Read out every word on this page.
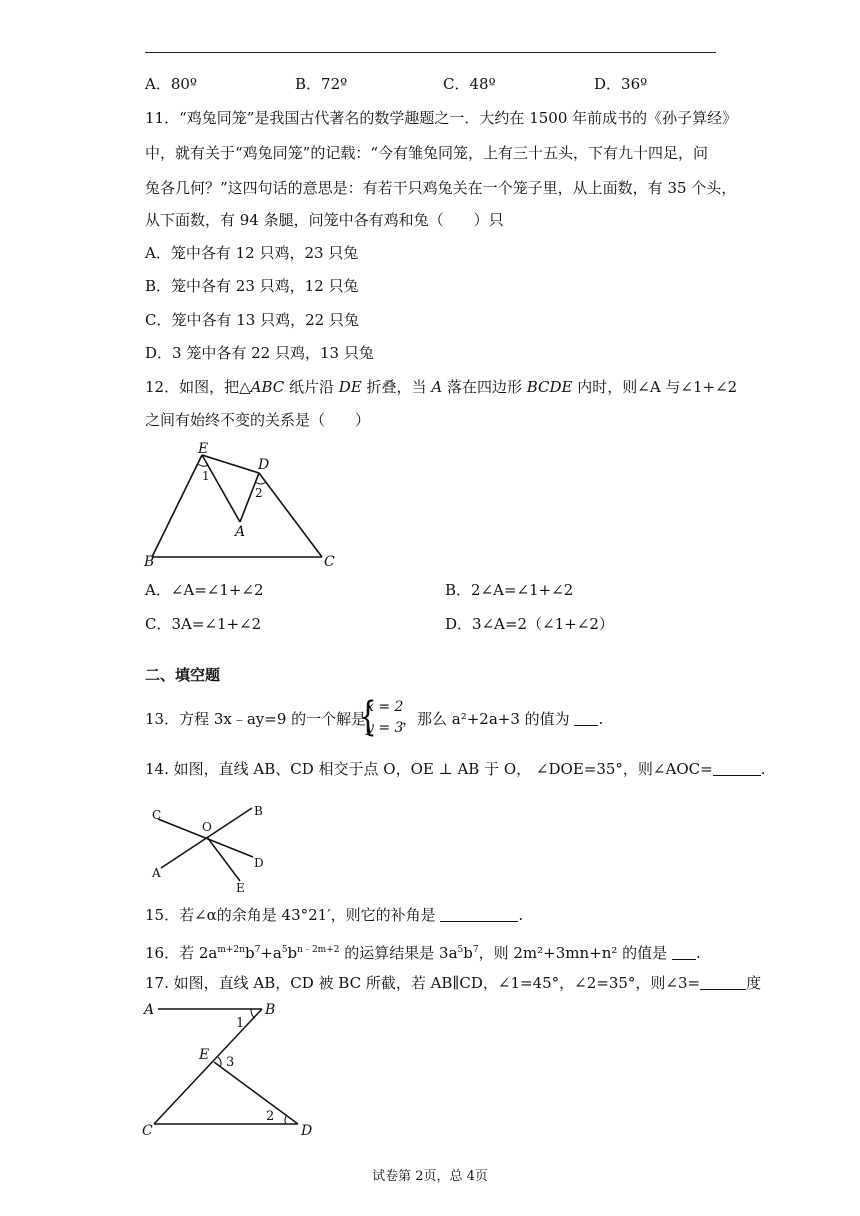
A．80º	B．72º	C．48º	D．36º
11．“鸡兔同笼”是我国古代著名的数学趣题之一．大约在 1500 年前成书的《孙子算经》
中，就有关于“鸡兔同笼”的记载：“今有雏兔同笼，上有三十五头，下有九十四足，问
兔各几何？”这四句话的意思是：有若干只鸡兔关在一个笼子里，从上面数，有 35 个头，
从下面数，有 94 条腿，问笼中各有鸡和兔（　　）只
A．笼中各有 12 只鸡，23 只兔
B．笼中各有 23 只鸡，12 只兔
C．笼中各有 13 只鸡，22 只兔
D．3 笼中各有 22 只鸡，13 只兔
12．如图，把△ABC 纸片沿 DE 折叠，当 A 落在四边形 BCDE 内时，则∠A 与∠1+∠2
之间有始终不变的关系是（　　）
E
D
A
B	C
1
2
A．∠A=∠1+∠2	B．2∠A=∠1+∠2
C．3A=∠1+∠2	D．3∠A=2（∠1+∠2）
二、填空题
13．方程 3x﹣ay=9 的一个解是
{
x = 2
y = 3
，那么 a²+2a+3 的值为 .
14. 如图，直线 AB、CD 相交于点 O，OE ⊥ AB 于 O， ∠DOE=35°，则∠AOC=	.
C
O
B
D
A
E
15．若∠α的余角是 43°21′，则它的补角是	.
16．若 $2a^{m+2n}b^7+a^5b^{n﹣2m+2}$ 的运算结果是 $3a^5b^7$，则 2m²+3mn+n² 的值是 .
17. 如图，直线 AB，CD 被 BC 所截，若 AB∥CD，∠1=45°，∠2=35°，则∠3=	度
A	B
E
C	D
1
3
2
试卷第 2页，总 4页
